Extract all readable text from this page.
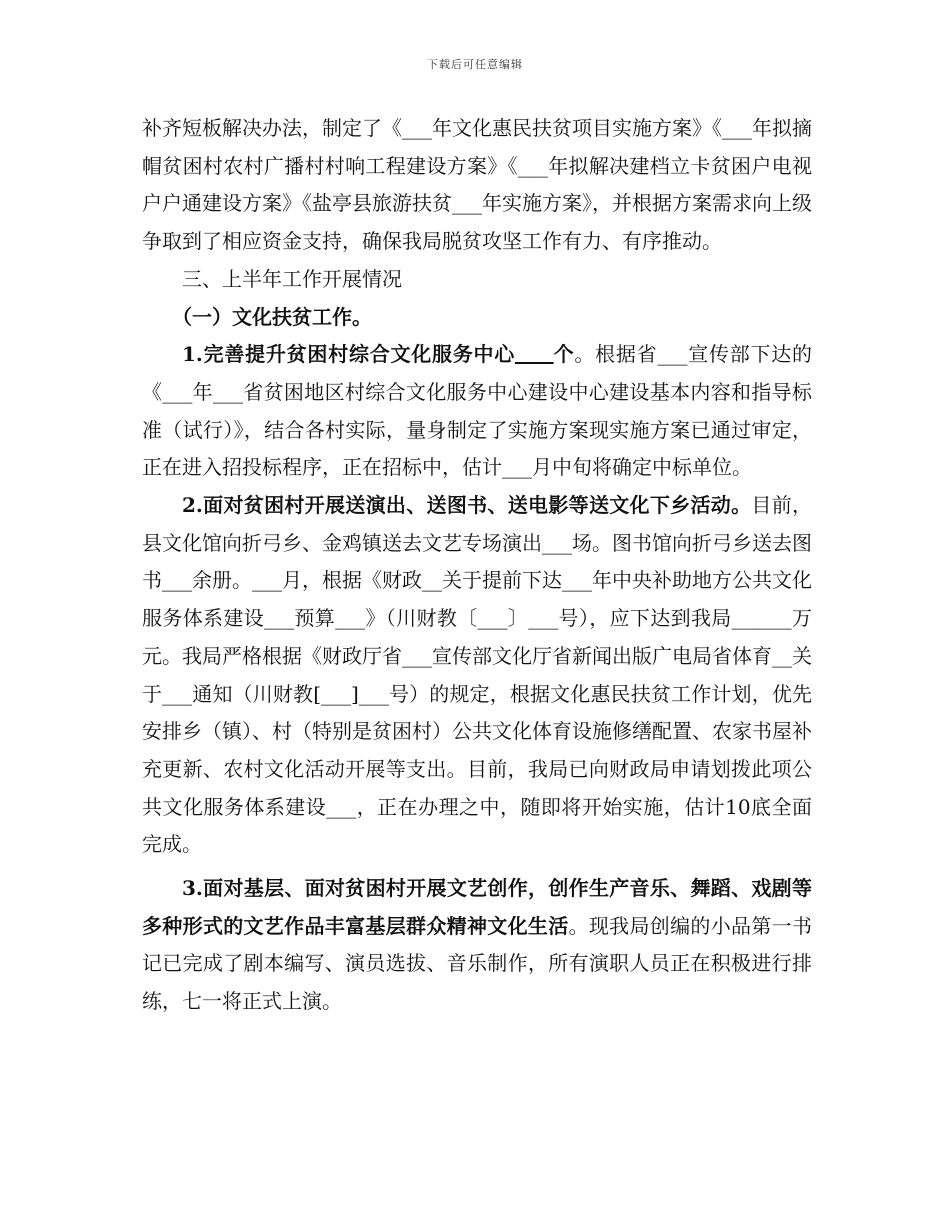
下载后可任意编辑

补齐短板解决办法，制定了《___年文化惠民扶贫项目实施方案》《___年拟摘帽贫困村农村广播村村响工程建设方案》《___年拟解决建档立卡贫困户电视户户通建设方案》《盐亭县旅游扶贫___年实施方案》，并根据方案需求向上级争取到了相应资金支持，确保我局脱贫攻坚工作有力、有序推动。

三、上半年工作开展情况

（一）文化扶贫工作。

1.完善提升贫困村综合文化服务中心 个。根据省___宣传部下达的《___年___省贫困地区村综合文化服务中心建设中心建设基本内容和指导标准（试行）》，结合各村实际，量身制定了实施方案现实施方案已通过审定，正在进入招投标程序，正在招标中，估计___月中旬将确定中标单位。

2.面对贫困村开展送演出、送图书、送电影等送文化下乡活动。目前，县文化馆向折弓乡、金鸡镇送去文艺专场演出___场。图书馆向折弓乡送去图书___余册。___月，根据《财政__关于提前下达___年中央补助地方公共文化服务体系建设___预算___》（川财教〔___〕___号），应下达到我局______万元。我局严格根据《财政厅省___宣传部文化厅省新闻出版广电局省体育__关于___通知（川财教[___]___号）的规定，根据文化惠民扶贫工作计划，优先安排乡（镇）、村（特别是贫困村）公共文化体育设施修缮配置、农家书屋补充更新、农村文化活动开展等支出。目前，我局已向财政局申请划拨此项公共文化服务体系建设___，正在办理之中，随即将开始实施，估计10底全面完成。

3.面对基层、面对贫困村开展文艺创作，创作生产音乐、舞蹈、戏剧等多种形式的文艺作品丰富基层群众精神文化生活。现我局创编的小品第一书记已完成了剧本编写、演员选拔、音乐制作，所有演职人员正在积极进行排练，七一将正式上演。
